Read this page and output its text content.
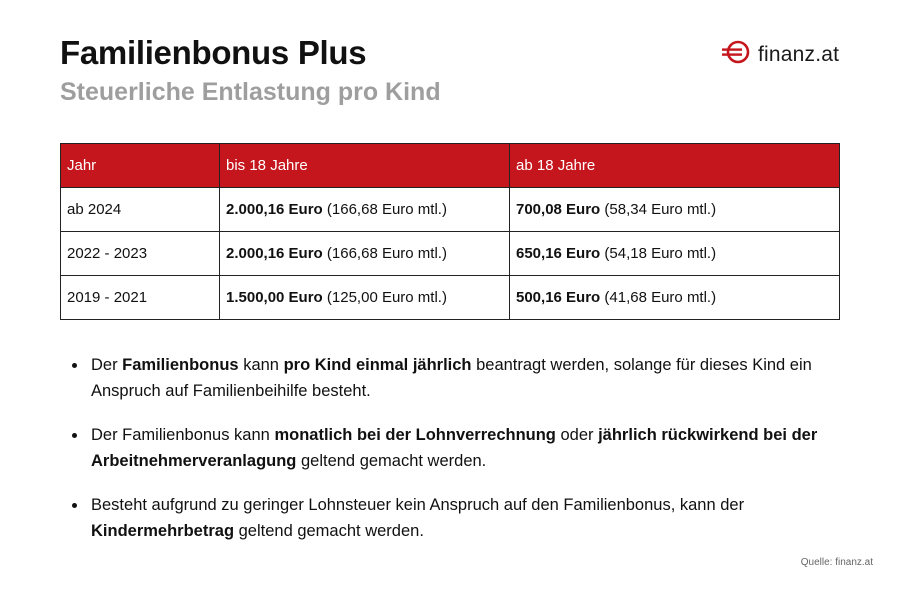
Familienbonus Plus
Steuerliche Entlastung pro Kind
finanz.at
Jahr	bis 18 Jahre	ab 18 Jahre
ab 2024	2.000,16 Euro (166,68 Euro mtl.)	700,08 Euro (58,34 Euro mtl.)
2022 - 2023	2.000,16 Euro (166,68 Euro mtl.)	650,16 Euro (54,18 Euro mtl.)
2019 - 2021	1.500,00 Euro (125,00 Euro mtl.)	500,16 Euro (41,68 Euro mtl.)
Der Familienbonus kann pro Kind einmal jährlich beantragt werden, solange für dieses Kind ein Anspruch auf Familienbeihilfe besteht.
Der Familienbonus kann monatlich bei der Lohnverrechnung oder jährlich rückwirkend bei der Arbeitnehmerveranlagung geltend gemacht werden.
Besteht aufgrund zu geringer Lohnsteuer kein Anspruch auf den Familienbonus, kann der Kindermehrbetrag geltend gemacht werden.
Quelle: finanz.at
